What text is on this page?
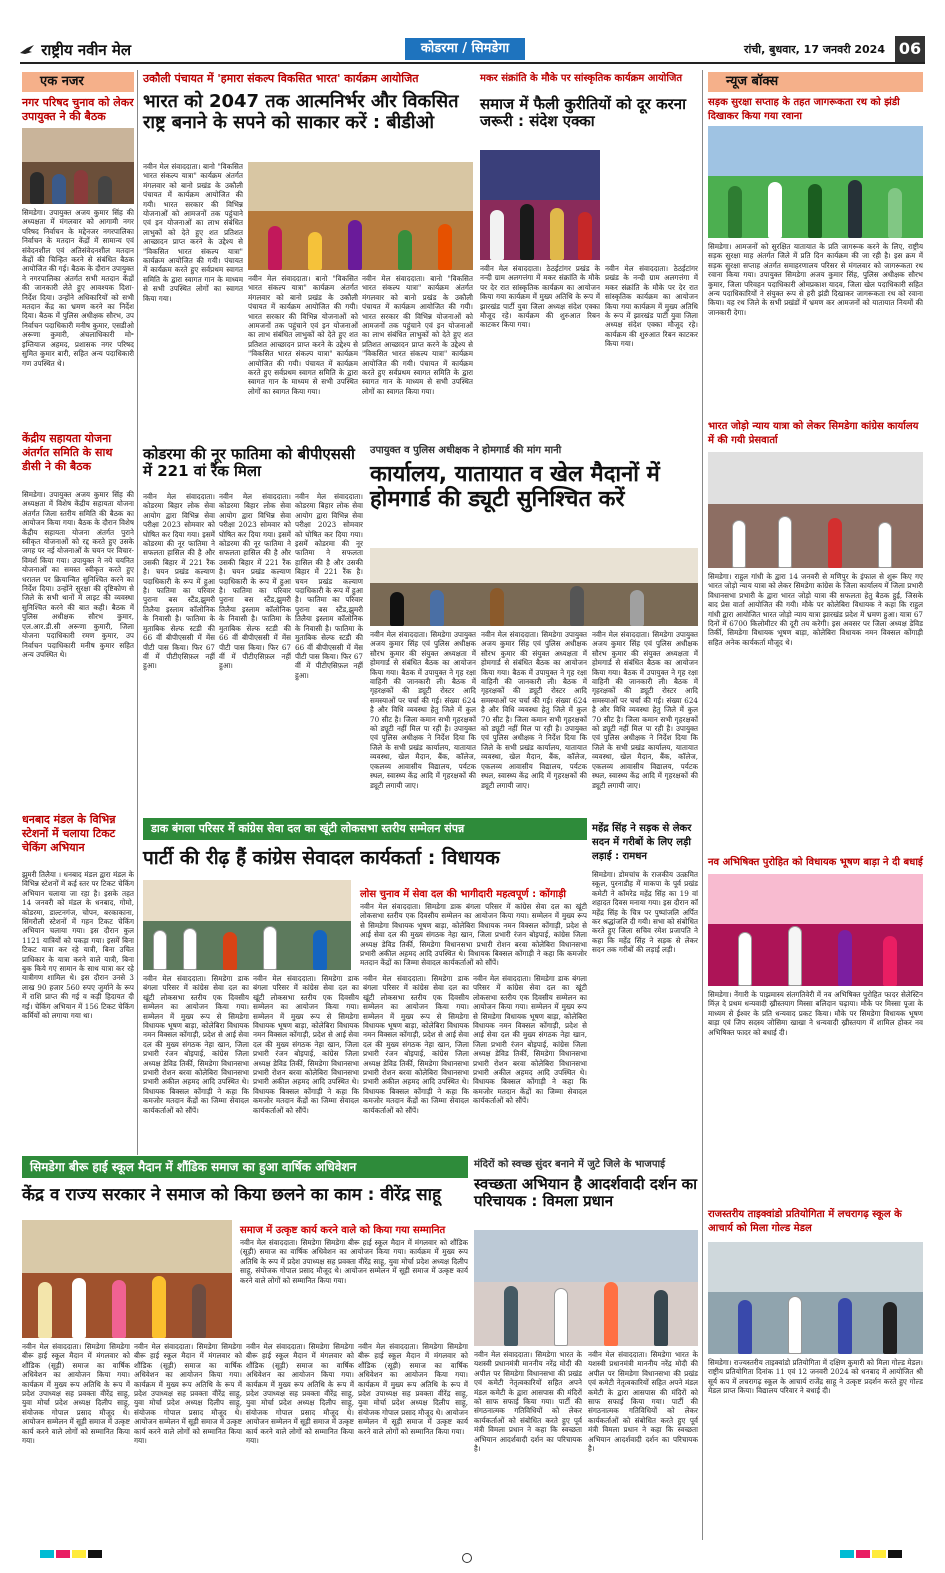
राष्ट्रीय नवीन मेल	कोडरमा / सिमडेगा	रांची, बुधवार, 17 जनवरी 2024 06
एक नजर
नगर परिषद चुनाव को लेकर उपायुक्त ने की बैठक
सिमडेगा। उपायुक्त अजय कुमार सिंह की अध्यक्षता में मंगलवार को आगामी नगर परिषद निर्वाचन के मद्देनजर नगरपालिका निर्वाचन के मतदान केंद्रों में सामान्य एवं संवेदनशील एवं अतिसंवेदनशील मतदान केंद्रों की चिन्हित करने से संबंधित बैठक आयोजित की गई। बैठक के दौरान उपायुक्त ने नगरपालिका अंतर्गत सभी मतदान केंद्रों की जानकारी लेते हुए आवश्यक दिशा-निर्देश दिया। उन्होंने अधिकारियों को सभी मतदान केंद्र का भ्रमण करने का निर्देश दिया। बैठक में पुलिस अधीक्षक सौरभ, उप निर्वाचन पदाधिकारी मनीष कुमार, एसडीओ अरूणा कुमारी, अंचलाधिकारी मो॰ इम्तियाज अहमद, प्रशासक नगर परिषद सुमित कुमार बारी, सहित अन्य पदाधिकारी गण उपस्थित थे।
केंद्रीय सहायता योजना अंतर्गत समिति के साथ डीसी ने की बैठक
सिमडेगा। उपायुक्त अजय कुमार सिंह की अध्यक्षता में विशेष केंद्रीय सहायता योजना अंतर्गत जिला स्तरीय समिति की बैठक का आयोजन किया गया। बैठक के दौरान विशेष केंद्रीय सहायता योजना अंतर्गत पुराने स्वीकृत योजनाओं को रद्द करते हुए उसके जगह पर नई योजनाओं के चयन पर विचार-विमर्श किया गया। उपायुक्त ने नये चयनित योजनाओं का समस्त स्वीकृत करते हुए धरातल पर क्रियान्वित सुनिश्चित करने का निर्देश दिया। उन्होंने सुरक्षा की दृष्टिकोण से जिले के सभी थानों में लाइट की व्यवस्था सुनिश्चित करने की बात कही। बैठक में पुलिस अधीक्षक सौरभ कुमार, एल.आर.डी.सी अरूणा कुमारी, जिला योजना पदाधिकारी रमण कुमार, उप निर्वाचन पदाधिकारी मनीष कुमार सहित अन्य उपस्थित थे।
धनबाद मंडल के विभिन्न स्टेशनों में चलाया टिकट चेकिंग अभियान
झुमरी तिलैया । धनबाद मंडल द्वारा मंडल के विभिन्न स्टेशनों में कई स्तर पर टिकट चेकिंग अभियान चलाया जा रहा है। इसके तहत 14 जनवरी को मंडल के धनबाद, गोमो, कोडरमा, डाल्टनगंज, चोपन, बरकाकाना, सिंगरौली स्टेशनों में गहन टिकट चेकिंग अभियान चलाया गया। इस दौरान कुल 1121 यात्रियों को पकड़ा गया। इसमें बिना टिकट यात्रा कर रहे यात्री, बिना उचित प्राधिकार के यात्रा करने वाले यात्री, बिना बुक किये गए सामान के साथ यात्रा कर रहे यात्रीगण शामिल थे। इस दौरान उनसे 3 लाख 90 हजार 560 रुपए जुर्माने के रूप में राशि प्राप्त की गई व कड़ी हिदायत दी गई। चेकिंग अभियान में 156 टिकट चेकिंग कर्मियों को लगाया गया था।
उकौली पंचायत में 'हमारा संकल्प विकसित भारत' कार्यक्रम आयोजित
भारत को 2047 तक आत्मनिर्भर और विकसित राष्ट्र बनाने के सपने को साकार करें : बीडीओ
नवीन मेल संवाददाता। बानो "विकसित भारत संकल्प यात्रा" कार्यक्रम अंतर्गत मंगलवार को बानो प्रखंड के उकौली पंचायत में कार्यक्रम आयोजित की गयी। भारत सरकार की विभिन्न योजनाओं को आमजनों तक पहुंचाने एवं इन योजनाओं का लाभ संबंधित लाभुकों को देते हुए शत प्रतिशत आच्छादन प्राप्त करने के उद्देश्य से "विकसित भारत संकल्प यात्रा" कार्यक्रम आयोजित की गयी। पंचायत में कार्यक्रम करते हुए सर्वप्रथम स्वागत समिति के द्वारा स्वागत गान के माध्यम से सभी उपस्थित लोगों का स्वागत किया गया।
नवीन मेल संवाददाता। बानो "विकसित भारत संकल्प यात्रा" कार्यक्रम अंतर्गत मंगलवार को बानो प्रखंड के उकौली पंचायत में कार्यक्रम आयोजित की गयी। भारत सरकार की विभिन्न योजनाओं को आमजनों तक पहुंचाने एवं इन योजनाओं का लाभ संबंधित लाभुकों को देते हुए शत प्रतिशत आच्छादन प्राप्त करने के उद्देश्य से "विकसित भारत संकल्प यात्रा" कार्यक्रम आयोजित की गयी। पंचायत में कार्यक्रम करते हुए सर्वप्रथम स्वागत समिति के द्वारा स्वागत गान के माध्यम से सभी उपस्थित लोगों का स्वागत किया गया।
नवीन मेल संवाददाता। बानो "विकसित भारत संकल्प यात्रा" कार्यक्रम अंतर्गत मंगलवार को बानो प्रखंड के उकौली पंचायत में कार्यक्रम आयोजित की गयी। भारत सरकार की विभिन्न योजनाओं को आमजनों तक पहुंचाने एवं इन योजनाओं का लाभ संबंधित लाभुकों को देते हुए शत प्रतिशत आच्छादन प्राप्त करने के उद्देश्य से "विकसित भारत संकल्प यात्रा" कार्यक्रम आयोजित की गयी। पंचायत में कार्यक्रम करते हुए सर्वप्रथम स्वागत समिति के द्वारा स्वागत गान के माध्यम से सभी उपस्थित लोगों का स्वागत किया गया।
कोडरमा की नूर फातिमा को बीपीएससी में 221 वां रैंक मिला
नवीन मेल संवाददाता। कोडरमा बिहार लोक सेवा आयोग द्वारा विभिन्न सेवा परीक्षा 2023 सोमवार को घोषित कर दिया गया। इसमें कोडरमा की नूर फातिमा ने सफलता हासिल की है और उसकी बिहार में 221 रैंक है। चयन प्रखंड कल्याण पदाधिकारी के रूप में हुआ है। फातिमा का परिवार पुराना बस स्टैंड,झुमरी तिलैया इस्लाम कॉलोनिक के निवासी है। फातिमा के मुताबिक सेल्फ स्टडी की 66 वीं बीपीएससी में मेंस पीटी पास किया। फिर 67 वीं में पीटीएसिफ़ल नहीं हुआ।
नवीन मेल संवाददाता। कोडरमा बिहार लोक सेवा आयोग द्वारा विभिन्न सेवा परीक्षा 2023 सोमवार को घोषित कर दिया गया। इसमें कोडरमा की नूर फातिमा ने सफलता हासिल की है और उसकी बिहार में 221 रैंक है। चयन प्रखंड कल्याण पदाधिकारी के रूप में हुआ है। फातिमा का परिवार पुराना बस स्टैंड,झुमरी तिलैया इस्लाम कॉलोनिक के निवासी है। फातिमा के मुताबिक सेल्फ स्टडी की 66 वीं बीपीएससी में मेंस पीटी पास किया। फिर 67 वीं में पीटीएसिफ़ल नहीं हुआ।
नवीन मेल संवाददाता। कोडरमा बिहार लोक सेवा आयोग द्वारा विभिन्न सेवा परीक्षा 2023 सोमवार को घोषित कर दिया गया। इसमें कोडरमा की नूर फातिमा ने सफलता हासिल की है और उसकी बिहार में 221 रैंक है। चयन प्रखंड कल्याण पदाधिकारी के रूप में हुआ है। फातिमा का परिवार पुराना बस स्टैंड,झुमरी तिलैया इस्लाम कॉलोनिक के निवासी है। फातिमा के मुताबिक सेल्फ स्टडी की 66 वीं बीपीएससी में मेंस पीटी पास किया। फिर 67 वीं में पीटीएसिफ़ल नहीं हुआ।
मकर संक्रांति के मौके पर सांस्कृतिक कार्यक्रम आयोजित
समाज में फैली कुरीतियों को दूर करना जरूरी : संदेश एक्का
नवीन मेल संवाददाता। ठेठईटांगर प्रखंड के नन्दी ग्राम अलगत्तंगा में मकर संक्रांति के मौके पर देर रात सांस्कृतिक कार्यक्रम का आयोजन किया गया कार्यक्रम में मुख्य अतिथि के रूप में झारखंड पार्टी युवा जिला अध्यक्ष संदेश एक्का मौजूद रहे। कार्यक्रम की शुरुआत रिबन काटकर किया गया।
नवीन मेल संवाददाता। ठेठईटांगर प्रखंड के नन्दी ग्राम अलगत्तंगा में मकर संक्रांति के मौके पर देर रात सांस्कृतिक कार्यक्रम का आयोजन किया गया कार्यक्रम में मुख्य अतिथि के रूप में झारखंड पार्टी युवा जिला अध्यक्ष संदेश एक्का मौजूद रहे। कार्यक्रम की शुरुआत रिबन काटकर किया गया।
उपायुक्त व पुलिस अधीक्षक ने होमगार्ड की मांग मानी
कार्यालय, यातायात व खेल मैदानों में होमगार्ड की ड्यूटी सुनिश्चित करें
नवीन मेल संवाददाता। सिमडेगा उपायुक्त अजय कुमार सिंह एवं पुलिस अधीक्षक सौरभ कुमार की संयुक्त अध्यक्षता में होमगार्ड से संबंधित बैठक का आयोजन किया गया। बैठक में उपायुक्त ने गृह रक्षा वाहिनी की जानकारी ली। बैठक में गृहरक्षकों की ड्यूटी रोस्टर आदि समस्याओं पर चर्चा की गई। संख्या 624 है और विधि व्यवस्था हेतु जिले में कुल 70 सीट है। जिला कमान सभी गृहरक्षकों को ड्यूटी नहीं मिल पा रही है। उपायुक्त एवं पुलिस अधीक्षक ने निर्देश दिया कि जिले के सभी प्रखंड कार्यालय, यातायात व्यवस्था, खेल मैदान, बैंक, कॉलेज, एकलव्य आवासीय विद्यालय, पर्यटक स्थल, स्वास्थ्य केंद्र आदि में गृहरक्षकों की ड्यूटी लगायी जाए।
नवीन मेल संवाददाता। सिमडेगा उपायुक्त अजय कुमार सिंह एवं पुलिस अधीक्षक सौरभ कुमार की संयुक्त अध्यक्षता में होमगार्ड से संबंधित बैठक का आयोजन किया गया। बैठक में उपायुक्त ने गृह रक्षा वाहिनी की जानकारी ली। बैठक में गृहरक्षकों की ड्यूटी रोस्टर आदि समस्याओं पर चर्चा की गई। संख्या 624 है और विधि व्यवस्था हेतु जिले में कुल 70 सीट है। जिला कमान सभी गृहरक्षकों को ड्यूटी नहीं मिल पा रही है। उपायुक्त एवं पुलिस अधीक्षक ने निर्देश दिया कि जिले के सभी प्रखंड कार्यालय, यातायात व्यवस्था, खेल मैदान, बैंक, कॉलेज, एकलव्य आवासीय विद्यालय, पर्यटक स्थल, स्वास्थ्य केंद्र आदि में गृहरक्षकों की ड्यूटी लगायी जाए।
नवीन मेल संवाददाता। सिमडेगा उपायुक्त अजय कुमार सिंह एवं पुलिस अधीक्षक सौरभ कुमार की संयुक्त अध्यक्षता में होमगार्ड से संबंधित बैठक का आयोजन किया गया। बैठक में उपायुक्त ने गृह रक्षा वाहिनी की जानकारी ली। बैठक में गृहरक्षकों की ड्यूटी रोस्टर आदि समस्याओं पर चर्चा की गई। संख्या 624 है और विधि व्यवस्था हेतु जिले में कुल 70 सीट है। जिला कमान सभी गृहरक्षकों को ड्यूटी नहीं मिल पा रही है। उपायुक्त एवं पुलिस अधीक्षक ने निर्देश दिया कि जिले के सभी प्रखंड कार्यालय, यातायात व्यवस्था, खेल मैदान, बैंक, कॉलेज, एकलव्य आवासीय विद्यालय, पर्यटक स्थल, स्वास्थ्य केंद्र आदि में गृहरक्षकों की ड्यूटी लगायी जाए।
डाक बंगला परिसर में कांग्रेस सेवा दल का खूंटी लोकसभा स्तरीय सम्मेलन संपन्न
पार्टी की रीढ़ हैं कांग्रेस सेवादल कार्यकर्ता : विधायक
लोस चुनाव में सेवा दल की भागीदारी महत्वपूर्ण : कोंगाड़ी
नवीन मेल संवाददाता। सिमडेगा डाक बंगला परिसर में कांग्रेस सेवा दल का खूंटी लोकसभा स्तरीय एक दिवसीय सम्मेलन का आयोजन किया गया। सम्मेलन में मुख्य रूप से सिमडेगा विधायक भूषण बाड़ा, कोलेबिरा विधायक नमन विक्सल कोंगाड़ी, प्रदेश से आई सेवा दल की मुख्य संगठक नेहा खान, जिला प्रभारी रंजन बोइपाई, कांग्रेस जिला अध्यक्ष डेविड तिर्की, सिमडेगा विधानसभा प्रभारी रोशन बरवा कोलेबिरा विधानसभा प्रभारी अकील अहमद आदि उपस्थित थे। विधायक बिक्सल कोंगाड़ी ने कहा कि कमजोर मतदान केंद्रों का जिम्मा सेवादल कार्यकर्ताओं को सौंपें।
नवीन मेल संवाददाता। सिमडेगा डाक बंगला परिसर में कांग्रेस सेवा दल का खूंटी लोकसभा स्तरीय एक दिवसीय सम्मेलन का आयोजन किया गया। सम्मेलन में मुख्य रूप से सिमडेगा विधायक भूषण बाड़ा, कोलेबिरा विधायक नमन विक्सल कोंगाड़ी, प्रदेश से आई सेवा दल की मुख्य संगठक नेहा खान, जिला प्रभारी रंजन बोइपाई, कांग्रेस जिला अध्यक्ष डेविड तिर्की, सिमडेगा विधानसभा प्रभारी रोशन बरवा कोलेबिरा विधानसभा प्रभारी अकील अहमद आदि उपस्थित थे। विधायक बिक्सल कोंगाड़ी ने कहा कि कमजोर मतदान केंद्रों का जिम्मा सेवादल कार्यकर्ताओं को सौंपें।
नवीन मेल संवाददाता। सिमडेगा डाक बंगला परिसर में कांग्रेस सेवा दल का खूंटी लोकसभा स्तरीय एक दिवसीय सम्मेलन का आयोजन किया गया। सम्मेलन में मुख्य रूप से सिमडेगा विधायक भूषण बाड़ा, कोलेबिरा विधायक नमन विक्सल कोंगाड़ी, प्रदेश से आई सेवा दल की मुख्य संगठक नेहा खान, जिला प्रभारी रंजन बोइपाई, कांग्रेस जिला अध्यक्ष डेविड तिर्की, सिमडेगा विधानसभा प्रभारी रोशन बरवा कोलेबिरा विधानसभा प्रभारी अकील अहमद आदि उपस्थित थे। विधायक बिक्सल कोंगाड़ी ने कहा कि कमजोर मतदान केंद्रों का जिम्मा सेवादल कार्यकर्ताओं को सौंपें।
नवीन मेल संवाददाता। सिमडेगा डाक बंगला परिसर में कांग्रेस सेवा दल का खूंटी लोकसभा स्तरीय एक दिवसीय सम्मेलन का आयोजन किया गया। सम्मेलन में मुख्य रूप से सिमडेगा विधायक भूषण बाड़ा, कोलेबिरा विधायक नमन विक्सल कोंगाड़ी, प्रदेश से आई सेवा दल की मुख्य संगठक नेहा खान, जिला प्रभारी रंजन बोइपाई, कांग्रेस जिला अध्यक्ष डेविड तिर्की, सिमडेगा विधानसभा प्रभारी रोशन बरवा कोलेबिरा विधानसभा प्रभारी अकील अहमद आदि उपस्थित थे। विधायक बिक्सल कोंगाड़ी ने कहा कि कमजोर मतदान केंद्रों का जिम्मा सेवादल कार्यकर्ताओं को सौंपें।
नवीन मेल संवाददाता। सिमडेगा डाक बंगला परिसर में कांग्रेस सेवा दल का खूंटी लोकसभा स्तरीय एक दिवसीय सम्मेलन का आयोजन किया गया। सम्मेलन में मुख्य रूप से सिमडेगा विधायक भूषण बाड़ा, कोलेबिरा विधायक नमन विक्सल कोंगाड़ी, प्रदेश से आई सेवा दल की मुख्य संगठक नेहा खान, जिला प्रभारी रंजन बोइपाई, कांग्रेस जिला अध्यक्ष डेविड तिर्की, सिमडेगा विधानसभा प्रभारी रोशन बरवा कोलेबिरा विधानसभा प्रभारी अकील अहमद आदि उपस्थित थे। विधायक बिक्सल कोंगाड़ी ने कहा कि कमजोर मतदान केंद्रों का जिम्मा सेवादल कार्यकर्ताओं को सौंपें।
महेंद्र सिंह ने सड़क से लेकर सदन में गरीबों के लिए लड़ी लड़ाई : रामधन
सिमडेगा। डोमचांच के राजकीय उत्क्रमित स्कूल, पुरनाडीह में माकपा के पूर्व प्रखंड कमेटी ने कॉमरेड महेंद्र सिंह का 19 वां शहादत दिवस मनाया गया। इस दौरान कॉ महेंद्र सिंह के चित्र पर पुष्पांजलि अर्पित कर श्रद्धांजलि दी गयी। सभा को संबोधित करते हुए जिला सचिव रमेश प्रजापति ने कहा कि महेंद्र सिंह ने सड़क से लेकर सदन तक गरीबों की लड़ाई लड़ी।
सिमडेगा बीरू हाई स्कूल मैदान में शौंडिक समाज का हुआ वार्षिक अधिवेशन
केंद्र व राज्य सरकार ने समाज को किया छलने का काम : वीरेंद्र साहू
समाज में उत्कृष्ट कार्य करने वाले को किया गया सम्मानित
नवीन मेल संवाददाता। सिमडेगा सिमडेगा बीरू हाई स्कूल मैदान में मंगलवार को शौंडिक (सूड़ी) समाज का वार्षिक अधिवेशन का आयोजन किया गया। कार्यक्रम में मुख्य रूप अतिथि के रूप में प्रदेश उपाध्यक्ष सह प्रवक्ता वीरेंद्र साहू, युवा मोर्चा प्रदेश अध्यक्ष दिलीप साहू, संयोजक गोपाल प्रसाद मौजूद थे। आयोजन सम्मेलन में सूड़ी समाज में उत्कृष्ट कार्य करने वाले लोगों को सम्मानित किया गया।
नवीन मेल संवाददाता। सिमडेगा सिमडेगा बीरू हाई स्कूल मैदान में मंगलवार को शौंडिक (सूड़ी) समाज का वार्षिक अधिवेशन का आयोजन किया गया। कार्यक्रम में मुख्य रूप अतिथि के रूप में प्रदेश उपाध्यक्ष सह प्रवक्ता वीरेंद्र साहू, युवा मोर्चा प्रदेश अध्यक्ष दिलीप साहू, संयोजक गोपाल प्रसाद मौजूद थे। आयोजन सम्मेलन में सूड़ी समाज में उत्कृष्ट कार्य करने वाले लोगों को सम्मानित किया गया।
नवीन मेल संवाददाता। सिमडेगा सिमडेगा बीरू हाई स्कूल मैदान में मंगलवार को शौंडिक (सूड़ी) समाज का वार्षिक अधिवेशन का आयोजन किया गया। कार्यक्रम में मुख्य रूप अतिथि के रूप में प्रदेश उपाध्यक्ष सह प्रवक्ता वीरेंद्र साहू, युवा मोर्चा प्रदेश अध्यक्ष दिलीप साहू, संयोजक गोपाल प्रसाद मौजूद थे। आयोजन सम्मेलन में सूड़ी समाज में उत्कृष्ट कार्य करने वाले लोगों को सम्मानित किया गया।
नवीन मेल संवाददाता। सिमडेगा सिमडेगा बीरू हाई स्कूल मैदान में मंगलवार को शौंडिक (सूड़ी) समाज का वार्षिक अधिवेशन का आयोजन किया गया। कार्यक्रम में मुख्य रूप अतिथि के रूप में प्रदेश उपाध्यक्ष सह प्रवक्ता वीरेंद्र साहू, युवा मोर्चा प्रदेश अध्यक्ष दिलीप साहू, संयोजक गोपाल प्रसाद मौजूद थे। आयोजन सम्मेलन में सूड़ी समाज में उत्कृष्ट कार्य करने वाले लोगों को सम्मानित किया गया।
नवीन मेल संवाददाता। सिमडेगा सिमडेगा बीरू हाई स्कूल मैदान में मंगलवार को शौंडिक (सूड़ी) समाज का वार्षिक अधिवेशन का आयोजन किया गया। कार्यक्रम में मुख्य रूप अतिथि के रूप में प्रदेश उपाध्यक्ष सह प्रवक्ता वीरेंद्र साहू, युवा मोर्चा प्रदेश अध्यक्ष दिलीप साहू, संयोजक गोपाल प्रसाद मौजूद थे। आयोजन सम्मेलन में सूड़ी समाज में उत्कृष्ट कार्य करने वाले लोगों को सम्मानित किया गया।
मंदिरों को स्वच्छ सुंदर बनाने में जुटे जिले के भाजपाई
स्वच्छता अभियान है आदर्शवादी दर्शन का परिचायक : विमला प्रधान
नवीन मेल संवाददाता। सिमडेगा भारत के यशस्वी प्रधानमंत्री माननीय नरेंद्र मोदी की अपील पर सिमडेगा विधानसभा की प्रखंड एवं कमेटी नेतृत्वकारियों सहित अपने मंडल कमेटी के द्वारा आसपास की मंदिरों को साफ सफाई किया गया। पार्टी की संगठनात्मक गतिविधियों को लेकर कार्यकर्ताओं को संबोधित करते हुए पूर्व मंत्री विमला प्रधान ने कहा कि स्वच्छता अभियान आदर्शवादी दर्शन का परिचायक है।
नवीन मेल संवाददाता। सिमडेगा भारत के यशस्वी प्रधानमंत्री माननीय नरेंद्र मोदी की अपील पर सिमडेगा विधानसभा की प्रखंड एवं कमेटी नेतृत्वकारियों सहित अपने मंडल कमेटी के द्वारा आसपास की मंदिरों को साफ सफाई किया गया। पार्टी की संगठनात्मक गतिविधियों को लेकर कार्यकर्ताओं को संबोधित करते हुए पूर्व मंत्री विमला प्रधान ने कहा कि स्वच्छता अभियान आदर्शवादी दर्शन का परिचायक है।
न्यूज बॉक्स
सड़क सुरक्षा सप्ताह के तहत जागरूकता रथ को झंडी दिखाकर किया गया रवाना
सिमडेगा। आमजनों को सुरक्षित यातायात के प्रति जागरूक करने के लिए, राष्ट्रीय सड़क सुरक्षा माह अंतर्गत जिले में प्रति दिन कार्यक्रम की जा रही है। इस क्रम में सड़क सुरक्षा सप्ताह अंतर्गत समाहरणालय परिसर से मंगलवार को जागरूकता रथ रवाना किया गया। उपायुक्त सिमडेगा अजय कुमार सिंह, पुलिस अधीक्षक सौरभ कुमार, जिला परिवहन पदाधिकारी ओमप्रकाश यादव, जिला खेल पदाधिकारी सहित अन्य पदाधिकारियों ने संयुक्त रूप से हरी झंडी दिखाकर जागरूकता रथ को रवाना किया। यह रथ जिले के सभी प्रखंडों में भ्रमण कर आमजनों को यातायात नियमों की जानकारी देगा।
भारत जोड़ो न्याय यात्रा को लेकर सिमडेगा कांग्रेस कार्यालय में की गयी प्रेसवार्ता
सिमडेगा। राहुल गांधी के द्वारा 14 जनवरी से मणिपुर के इंफाल से शुरू किए गए भारत जोड़ो न्याय यात्रा को लेकर सिमडेगा कांग्रेस के जिला कार्यालय में जिला प्रभारी विधानसभा प्रभारी के द्वारा भारत जोड़ो यात्रा की सफलता हेतु बैठक हुई, जिसके बाद प्रेस वार्ता आयोजित की गयी। मौके पर कोलेबिरा विधायक ने कहा कि राहुल गांधी द्वारा आयोजित भारत जोड़ो न्याय यात्रा झारखंड प्रदेश में भ्रमण हुआ। यात्रा 67 दिनों में 6700 किलोमीटर की दूरी तय करेगी। इस अवसर पर जिला अध्यक्ष डेविड तिर्की, सिमडेगा विधायक भूषण बाड़ा, कोलेबिरा विधायक नमन विक्सल कोंगाड़ी सहित अनेक कार्यकर्ता मौजूद थे।
नव अभिषिक्त पुरोहित को विधायक भूषण बाड़ा ने दी बधाई
सिमडेगा। नेंगारी के पाझमास्य संतगतिवेरी में नव अभिषिक्त पुरोहित फादर सेलेस्टिन मिंज़ दे प्रथम धन्यवादी ख्रीस्तयाग मिस्सा बलिदान चढ़ाया। मौके पर मिस्सा पूजा के माध्यम से ईश्वर के प्रति धन्यवाद प्रकट किया। मौके पर सिमडेगा विधायक भूषण बाड़ा एवं जिप सदस्य जोसिमा खाखा ने धन्यवादी ख्रीस्तयाग में शामिल होकर नव अभिषिक्त फादर को बधाई दी।
राजस्तरीय ताइक्वांडो प्रतियोगिता में लचरागढ़ स्कूल के आचार्य को मिला गोल्ड मेडल
सिमडेगा। राज्यस्तरीय ताइक्वांडो प्रतियोगिता में दक्षिण कुमारी को मिला गोल्ड मेडल। राष्ट्रीय प्रतियोगिता दिनांक 11 एवं 12 जनवरी 2024 को धनबाद में आयोजित श्री सूर्य कप में लचरागढ़ स्कूल के आचार्य राजेंद्र साहू ने उत्कृष्ट प्रदर्शन करते हुए गोल्ड मेडल प्राप्त किया। विद्यालय परिवार ने बधाई दी।
